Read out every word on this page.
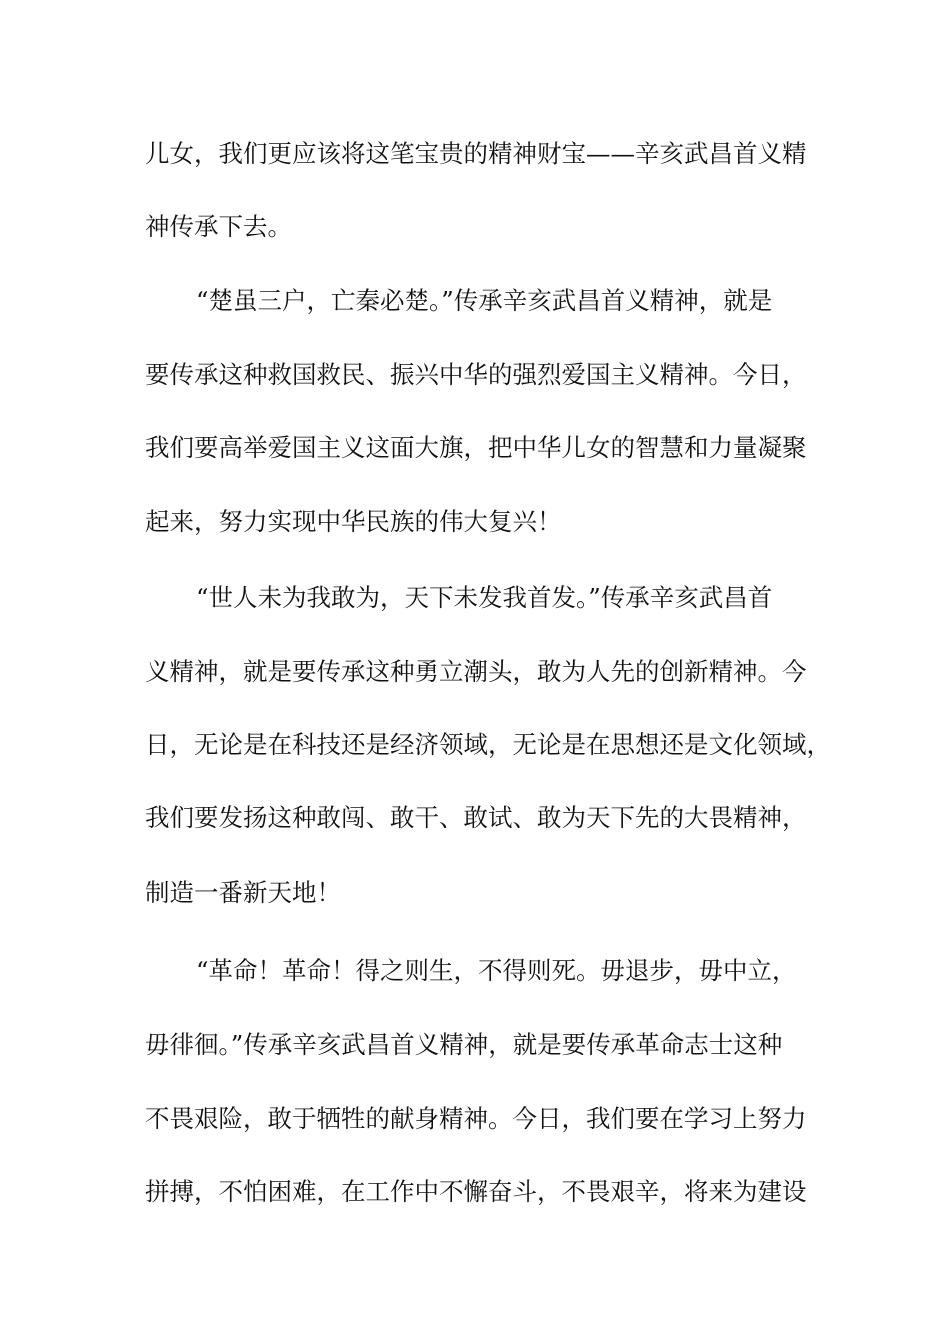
儿女，我们更应该将这笔宝贵的精神财宝——辛亥武昌首义精
神传承下去。
“楚虽三户，亡秦必楚。”传承辛亥武昌首义精神，就是
要传承这种救国救民、振兴中华的强烈爱国主义精神。今日，
我们要高举爱国主义这面大旗，把中华儿女的智慧和力量凝聚
起来，努力实现中华民族的伟大复兴！
“世人未为我敢为，天下未发我首发。”传承辛亥武昌首
义精神，就是要传承这种勇立潮头，敢为人先的创新精神。今
日，无论是在科技还是经济领域，无论是在思想还是文化领域，
我们要发扬这种敢闯、敢干、敢试、敢为天下先的大畏精神，
制造一番新天地！
“革命！革命！得之则生，不得则死。毋退步，毋中立，
毋徘徊。”传承辛亥武昌首义精神，就是要传承革命志士这种
不畏艰险，敢于牺牲的献身精神。今日，我们要在学习上努力
拼搏，不怕困难，在工作中不懈奋斗，不畏艰辛，将来为建设
